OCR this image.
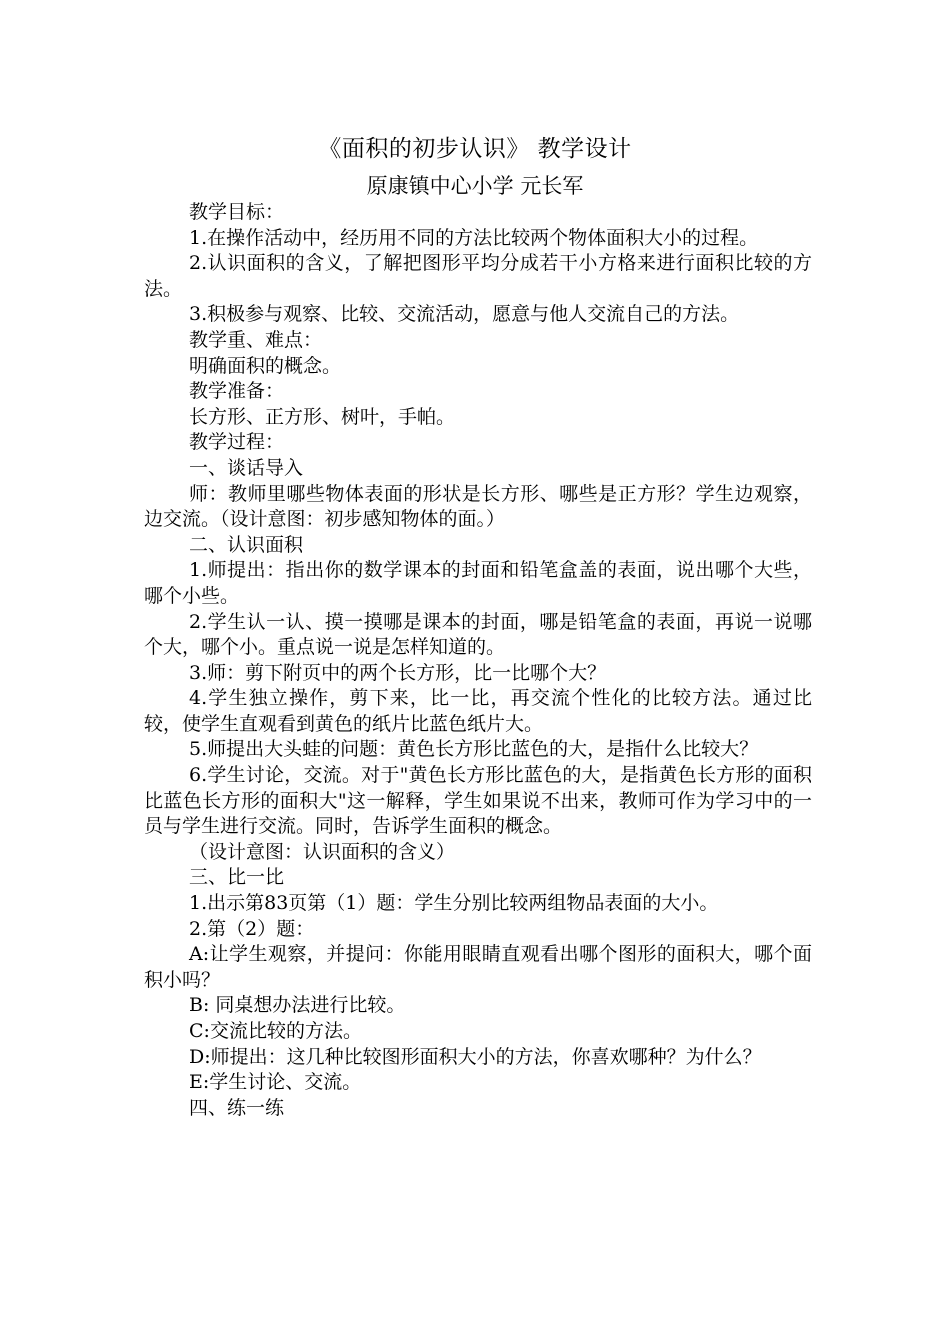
《面积的初步认识》 教学设计
原康镇中心小学 元长军

教学目标：

1.在操作活动中，经历用不同的方法比较两个物体面积大小的过程。

2.认识面积的含义，了解把图形平均分成若干小方格来进行面积比较的方法。

3.积极参与观察、比较、交流活动，愿意与他人交流自己的方法。

教学重、难点：

明确面积的概念。

教学准备：

长方形、正方形、树叶，手帕。

教学过程：

一、谈话导入

师：教师里哪些物体表面的形状是长方形、哪些是正方形？学生边观察，边交流。（设计意图：初步感知物体的面。）

二、认识面积

1.师提出：指出你的数学课本的封面和铅笔盒盖的表面，说出哪个大些，哪个小些。

2.学生认一认、摸一摸哪是课本的封面，哪是铅笔盒的表面，再说一说哪个大，哪个小。重点说一说是怎样知道的。

3.师：剪下附页中的两个长方形，比一比哪个大？

4.学生独立操作，剪下来，比一比，再交流个性化的比较方法。通过比较，使学生直观看到黄色的纸片比蓝色纸片大。

5.师提出大头蛙的问题：黄色长方形比蓝色的大，是指什么比较大？

6.学生讨论，交流。对于"黄色长方形比蓝色的大，是指黄色长方形的面积比蓝色长方形的面积大"这一解释，学生如果说不出来，教师可作为学习中的一员与学生进行交流。同时，告诉学生面积的概念。

（设计意图：认识面积的含义）

三、比一比

1.出示第83页第（1）题：学生分别比较两组物品表面的大小。

2.第（2）题：

A:让学生观察，并提问：你能用眼睛直观看出哪个图形的面积大，哪个面积小吗？

B: 同桌想办法进行比较。

C:交流比较的方法。

D:师提出：这几种比较图形面积大小的方法，你喜欢哪种？为什么？

E:学生讨论、交流。

四、练一练
